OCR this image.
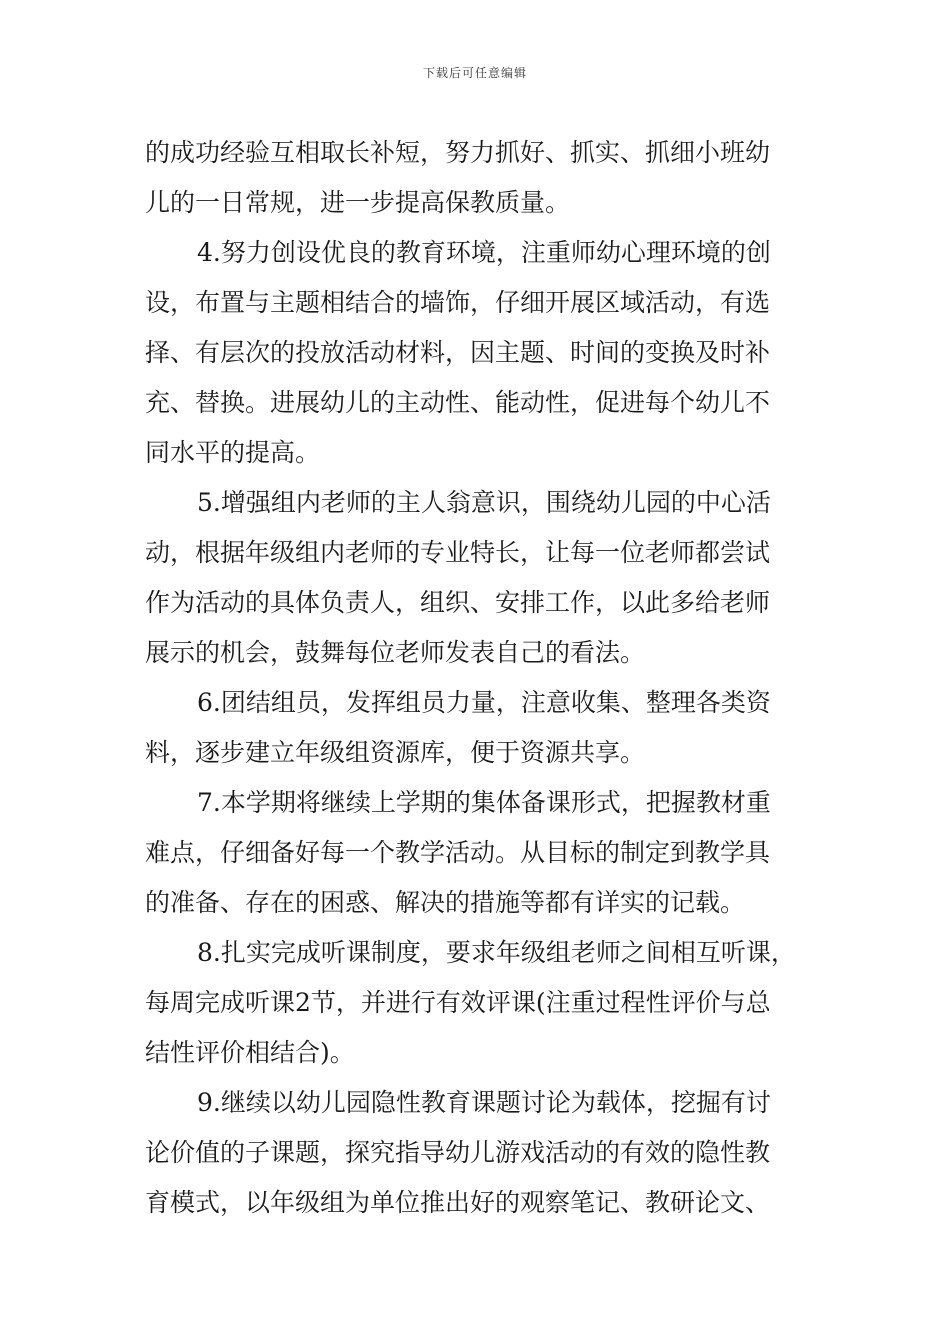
下载后可任意编辑
的成功经验互相取长补短，努力抓好、抓实、抓细小班幼
儿的一日常规，进一步提高保教质量。
4.努力创设优良的教育环境，注重师幼心理环境的创
设，布置与主题相结合的墙饰，仔细开展区域活动，有选
择、有层次的投放活动材料，因主题、时间的变换及时补
充、替换。进展幼儿的主动性、能动性，促进每个幼儿不
同水平的提高。
5.增强组内老师的主人翁意识，围绕幼儿园的中心活
动，根据年级组内老师的专业特长，让每一位老师都尝试
作为活动的具体负责人，组织、安排工作，以此多给老师
展示的机会，鼓舞每位老师发表自己的看法。
6.团结组员，发挥组员力量，注意收集、整理各类资
料，逐步建立年级组资源库，便于资源共享。
7.本学期将继续上学期的集体备课形式，把握教材重
难点，仔细备好每一个教学活动。从目标的制定到教学具
的准备、存在的困惑、解决的措施等都有详实的记载。
8.扎实完成听课制度，要求年级组老师之间相互听课，
每周完成听课2节，并进行有效评课(注重过程性评价与总
结性评价相结合)。
9.继续以幼儿园隐性教育课题讨论为载体，挖掘有讨
论价值的子课题，探究指导幼儿游戏活动的有效的隐性教
育模式，以年级组为单位推出好的观察笔记、教研论文、
